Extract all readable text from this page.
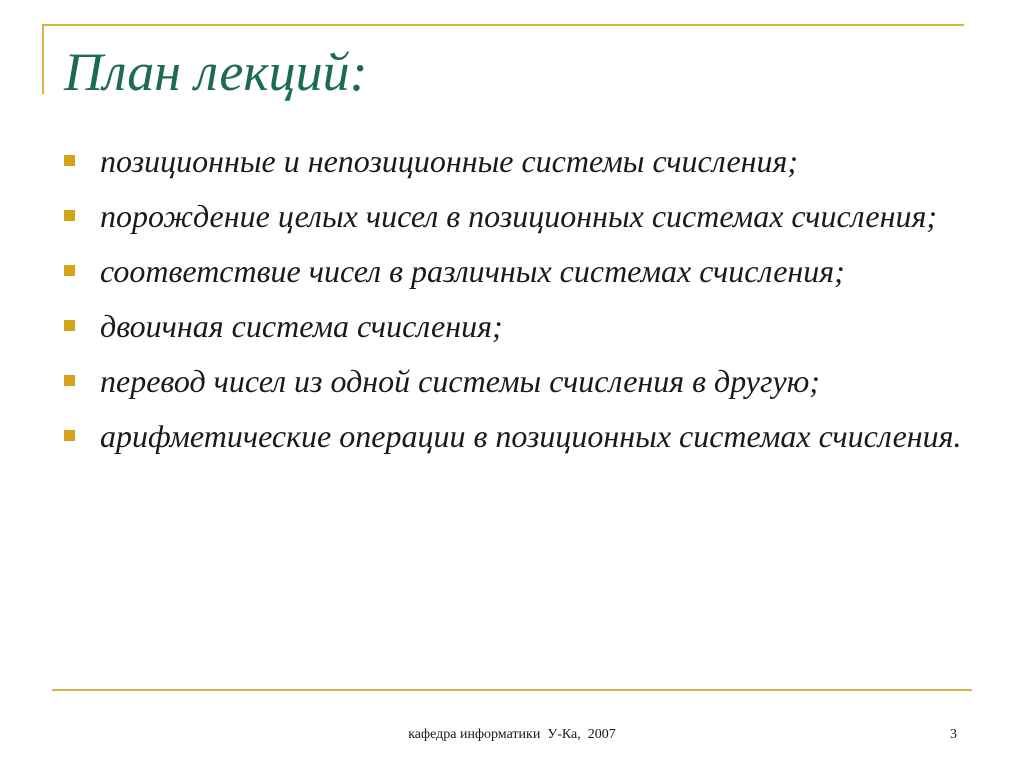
План лекций:
позиционные и непозиционные системы счисления;
порождение целых чисел в позиционных системах счисления;
соответствие чисел в различных системах счисления;
двоичная система счисления;
перевод чисел из одной системы счисления в другую;
арифметические операции в позиционных системах счисления.
кафедра информатики  У-Ка,  2007	3
